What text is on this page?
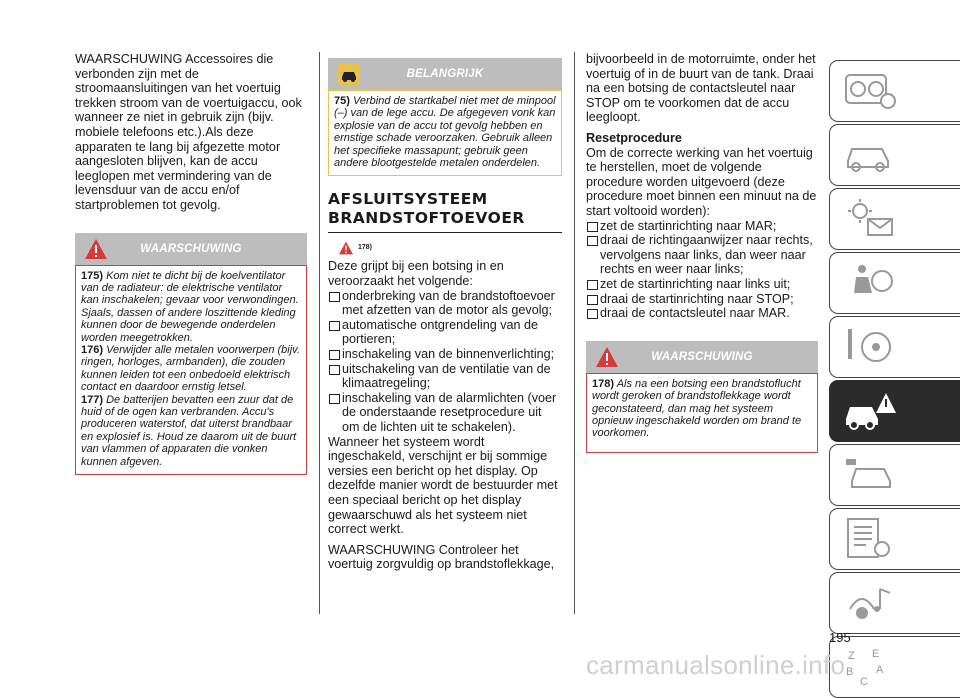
WAARSCHUWING Accessoires die verbonden zijn met de stroomaansluitingen van het voertuig trekken stroom van de voertuigaccu, ook wanneer ze niet in gebruik zijn (bijv. mobiele telefoons etc.).Als deze apparaten te lang bij afgezette motor aangesloten blijven, kan de accu leeglopen met vermindering van de levensduur van de accu en/of startproblemen tot gevolg.

WAARSCHUWING
175) Kom niet te dicht bij de koelventilator van de radiateur: de elektrische ventilator kan inschakelen; gevaar voor verwondingen. Sjaals, dassen of andere loszittende kleding kunnen door de bewegende onderdelen worden meegetrokken.
176) Verwijder alle metalen voorwerpen (bijv. ringen, horloges, armbanden), die zouden kunnen leiden tot een onbedoeld elektrisch contact en daardoor ernstig letsel.
177) De batterijen bevatten een zuur dat de huid of de ogen kan verbranden. Accu's produceren waterstof, dat uiterst brandbaar en explosief is. Houd ze daarom uit de buurt van vlammen of apparaten die vonken kunnen afgeven.
BELANGRIJK
75) Verbind de startkabel niet met de minpool (–) van de lege accu. De afgegeven vonk kan explosie van de accu tot gevolg hebben en ernstige schade veroorzaken. Gebruik alleen het specifieke massapunt; gebruik geen andere blootgestelde metalen onderdelen.
AFSLUITSYSTEEM
BRANDSTOFTOEVOER
$^{178)}$

Deze grijpt bij een botsing in en veroorzaakt het volgende:

onderbreking van de brandstoftoevoer met afzetten van de motor als gevolg;
automatische ontgrendeling van de portieren;
inschakeling van de binnenverlichting;
uitschakeling van de ventilatie van de klimaatregeling;
inschakeling van de alarmlichten (voer de onderstaande resetprocedure uit om de lichten uit te schakelen).

Wanneer het systeem wordt ingeschakeld, verschijnt er bij sommige versies een bericht op het display. Op dezelfde manier wordt de bestuurder met een speciaal bericht op het display gewaarschuwd als het systeem niet correct werkt.

WAARSCHUWING Controleer het voertuig zorgvuldig op brandstoflekkage,

bijvoorbeeld in de motorruimte, onder het voertuig of in de buurt van de tank. Draai na een botsing de contactsleutel naar STOP om te voorkomen dat de accu leegloopt.

Resetprocedure

Om de correcte werking van het voertuig te herstellen, moet de volgende procedure worden uitgevoerd (deze procedure moet binnen een minuut na de start voltooid worden):

zet de startinrichting naar MAR;
draai de richtingaanwijzer naar rechts, vervolgens naar links, dan weer naar rechts en weer naar links;
zet de startinrichting naar links uit;
draai de startinrichting naar STOP;
draai de contactsleutel naar MAR.
WAARSCHUWING
178) Als na een botsing een brandstoflucht wordt geroken of brandstoflekkage wordt geconstateerd, dan mag het systeem opnieuw ingeschakeld worden om brand te voorkomen.
Z E
B A
C
195
carmanualsonline.info
